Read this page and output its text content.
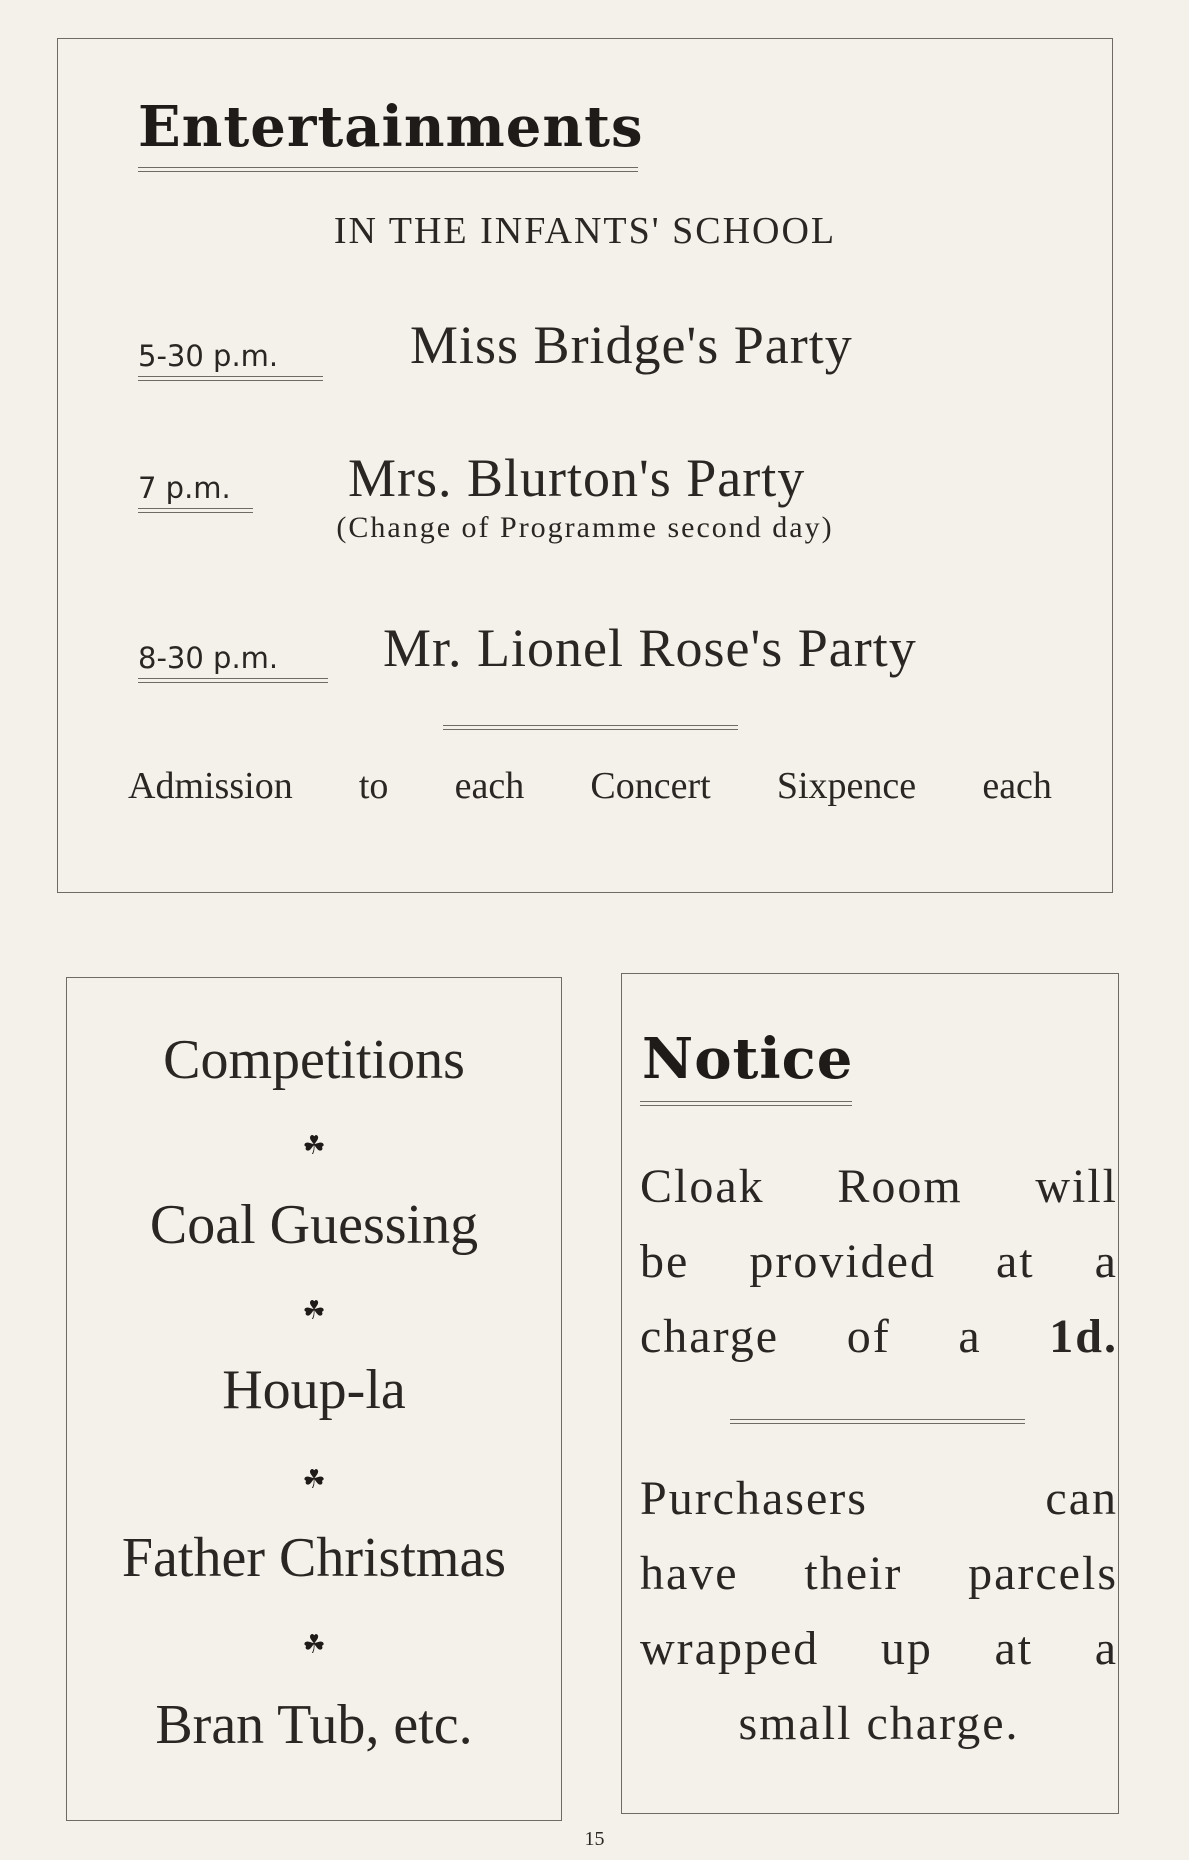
Entertainments
IN THE INFANTS' SCHOOL
5-30 p.m. Miss Bridge's Party
7 p.m. Mrs. Blurton's Party
(Change of Programme second day)
8-30 p.m. Mr. Lionel Rose's Party
Admission to each Concert Sixpence each
Competitions
☘
Coal Guessing
☘
Houp-la
☘
Father Christmas
☘
Bran Tub, etc.
Notice
Cloak Room will
be provided at a
charge of a 1d.
Purchasers	can
have their parcels
wrapped up at a
small charge.
15
